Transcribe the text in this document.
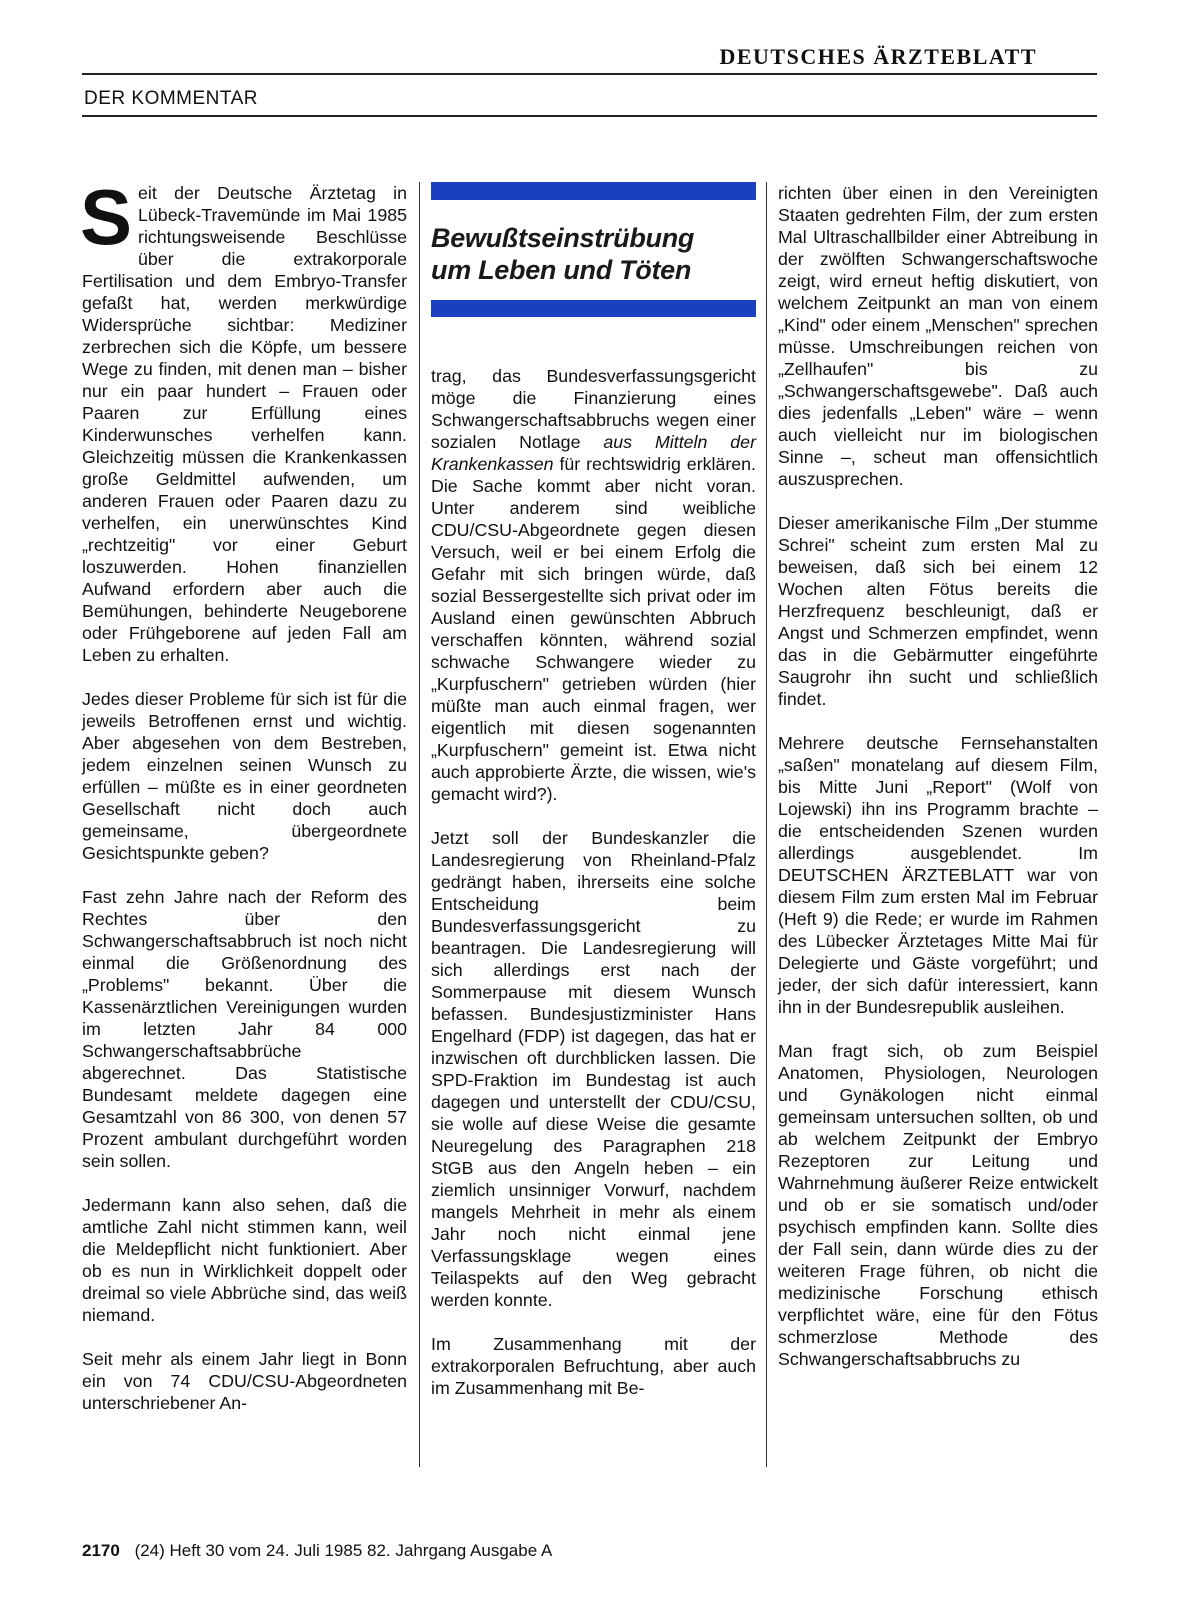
DEUTSCHES ÄRZTEBLATT
DER KOMMENTAR

Seit der Deutsche Ärztetag in Lübeck-Travemünde im Mai 1985 richtungsweisende Beschlüsse über die extrakorporale Fertilisation und dem Embryo-Transfer gefaßt hat, werden merkwürdige Widersprüche sichtbar: Mediziner zerbrechen sich die Köpfe, um bessere Wege zu finden, mit denen man – bisher nur ein paar hundert – Frauen oder Paaren zur Erfüllung eines Kinderwunsches verhelfen kann. Gleichzeitig müssen die Krankenkassen große Geldmittel aufwenden, um anderen Frauen oder Paaren dazu zu verhelfen, ein unerwünschtes Kind „rechtzeitig" vor einer Geburt loszuwerden. Hohen finanziellen Aufwand erfordern aber auch die Bemühungen, behinderte Neugeborene oder Frühgeborene auf jeden Fall am Leben zu erhalten.

Jedes dieser Probleme für sich ist für die jeweils Betroffenen ernst und wichtig. Aber abgesehen von dem Bestreben, jedem einzelnen seinen Wunsch zu erfüllen – müßte es in einer geordneten Gesellschaft nicht doch auch gemeinsame, übergeordnete Gesichtspunkte geben?

Fast zehn Jahre nach der Reform des Rechtes über den Schwangerschaftsabbruch ist noch nicht einmal die Größenordnung des „Problems" bekannt. Über die Kassenärztlichen Vereinigungen wurden im letzten Jahr 84 000 Schwangerschaftsabbrüche abgerechnet. Das Statistische Bundesamt meldete dagegen eine Gesamtzahl von 86 300, von denen 57 Prozent ambulant durchgeführt worden sein sollen.

Jedermann kann also sehen, daß die amtliche Zahl nicht stimmen kann, weil die Meldepflicht nicht funktioniert. Aber ob es nun in Wirklichkeit doppelt oder dreimal so viele Abbrüche sind, das weiß niemand.

Seit mehr als einem Jahr liegt in Bonn ein von 74 CDU/CSU-Abgeordneten unterschriebener An-

Bewußtseinstrübung
um Leben und Töten

trag, das Bundesverfassungsgericht möge die Finanzierung eines Schwangerschaftsabbruchs wegen einer sozialen Notlage aus Mitteln der Krankenkassen für rechtswidrig erklären. Die Sache kommt aber nicht voran. Unter anderem sind weibliche CDU/CSU-Abgeordnete gegen diesen Versuch, weil er bei einem Erfolg die Gefahr mit sich bringen würde, daß sozial Bessergestellte sich privat oder im Ausland einen gewünschten Abbruch verschaffen könnten, während sozial schwache Schwangere wieder zu „Kurpfuschern" getrieben würden (hier müßte man auch einmal fragen, wer eigentlich mit diesen sogenannten „Kurpfuschern" gemeint ist. Etwa nicht auch approbierte Ärzte, die wissen, wie's gemacht wird?).

Jetzt soll der Bundeskanzler die Landesregierung von Rheinland-Pfalz gedrängt haben, ihrerseits eine solche Entscheidung beim Bundesverfassungsgericht zu beantragen. Die Landesregierung will sich allerdings erst nach der Sommerpause mit diesem Wunsch befassen. Bundesjustizminister Hans Engelhard (FDP) ist dagegen, das hat er inzwischen oft durchblicken lassen. Die SPD-Fraktion im Bundestag ist auch dagegen und unterstellt der CDU/CSU, sie wolle auf diese Weise die gesamte Neuregelung des Paragraphen 218 StGB aus den Angeln heben – ein ziemlich unsinniger Vorwurf, nachdem mangels Mehrheit in mehr als einem Jahr noch nicht einmal jene Verfassungsklage wegen eines Teilaspekts auf den Weg gebracht werden konnte.

Im Zusammenhang mit der extrakorporalen Befruchtung, aber auch im Zusammenhang mit Be-

richten über einen in den Vereinigten Staaten gedrehten Film, der zum ersten Mal Ultraschallbilder einer Abtreibung in der zwölften Schwangerschaftswoche zeigt, wird erneut heftig diskutiert, von welchem Zeitpunkt an man von einem „Kind" oder einem „Menschen" sprechen müsse. Umschreibungen reichen von „Zellhaufen" bis zu „Schwangerschaftsgewebe". Daß auch dies jedenfalls „Leben" wäre – wenn auch vielleicht nur im biologischen Sinne –, scheut man offensichtlich auszusprechen.

Dieser amerikanische Film „Der stumme Schrei" scheint zum ersten Mal zu beweisen, daß sich bei einem 12 Wochen alten Fötus bereits die Herzfrequenz beschleunigt, daß er Angst und Schmerzen empfindet, wenn das in die Gebärmutter eingeführte Saugrohr ihn sucht und schließlich findet.

Mehrere deutsche Fernsehanstalten „saßen" monatelang auf diesem Film, bis Mitte Juni „Report" (Wolf von Lojewski) ihn ins Programm brachte – die entscheidenden Szenen wurden allerdings ausgeblendet. Im DEUTSCHEN ÄRZTEBLATT war von diesem Film zum ersten Mal im Februar (Heft 9) die Rede; er wurde im Rahmen des Lübecker Ärztetages Mitte Mai für Delegierte und Gäste vorgeführt; und jeder, der sich dafür interessiert, kann ihn in der Bundesrepublik ausleihen.

Man fragt sich, ob zum Beispiel Anatomen, Physiologen, Neurologen und Gynäkologen nicht einmal gemeinsam untersuchen sollten, ob und ab welchem Zeitpunkt der Embryo Rezeptoren zur Leitung und Wahrnehmung äußerer Reize entwickelt und ob er sie somatisch und/oder psychisch empfinden kann. Sollte dies der Fall sein, dann würde dies zu der weiteren Frage führen, ob nicht die medizinische Forschung ethisch verpflichtet wäre, eine für den Fötus schmerzlose Methode des Schwangerschaftsabbruchs zu

2170 (24) Heft 30 vom 24. Juli 1985 82. Jahrgang Ausgabe A
